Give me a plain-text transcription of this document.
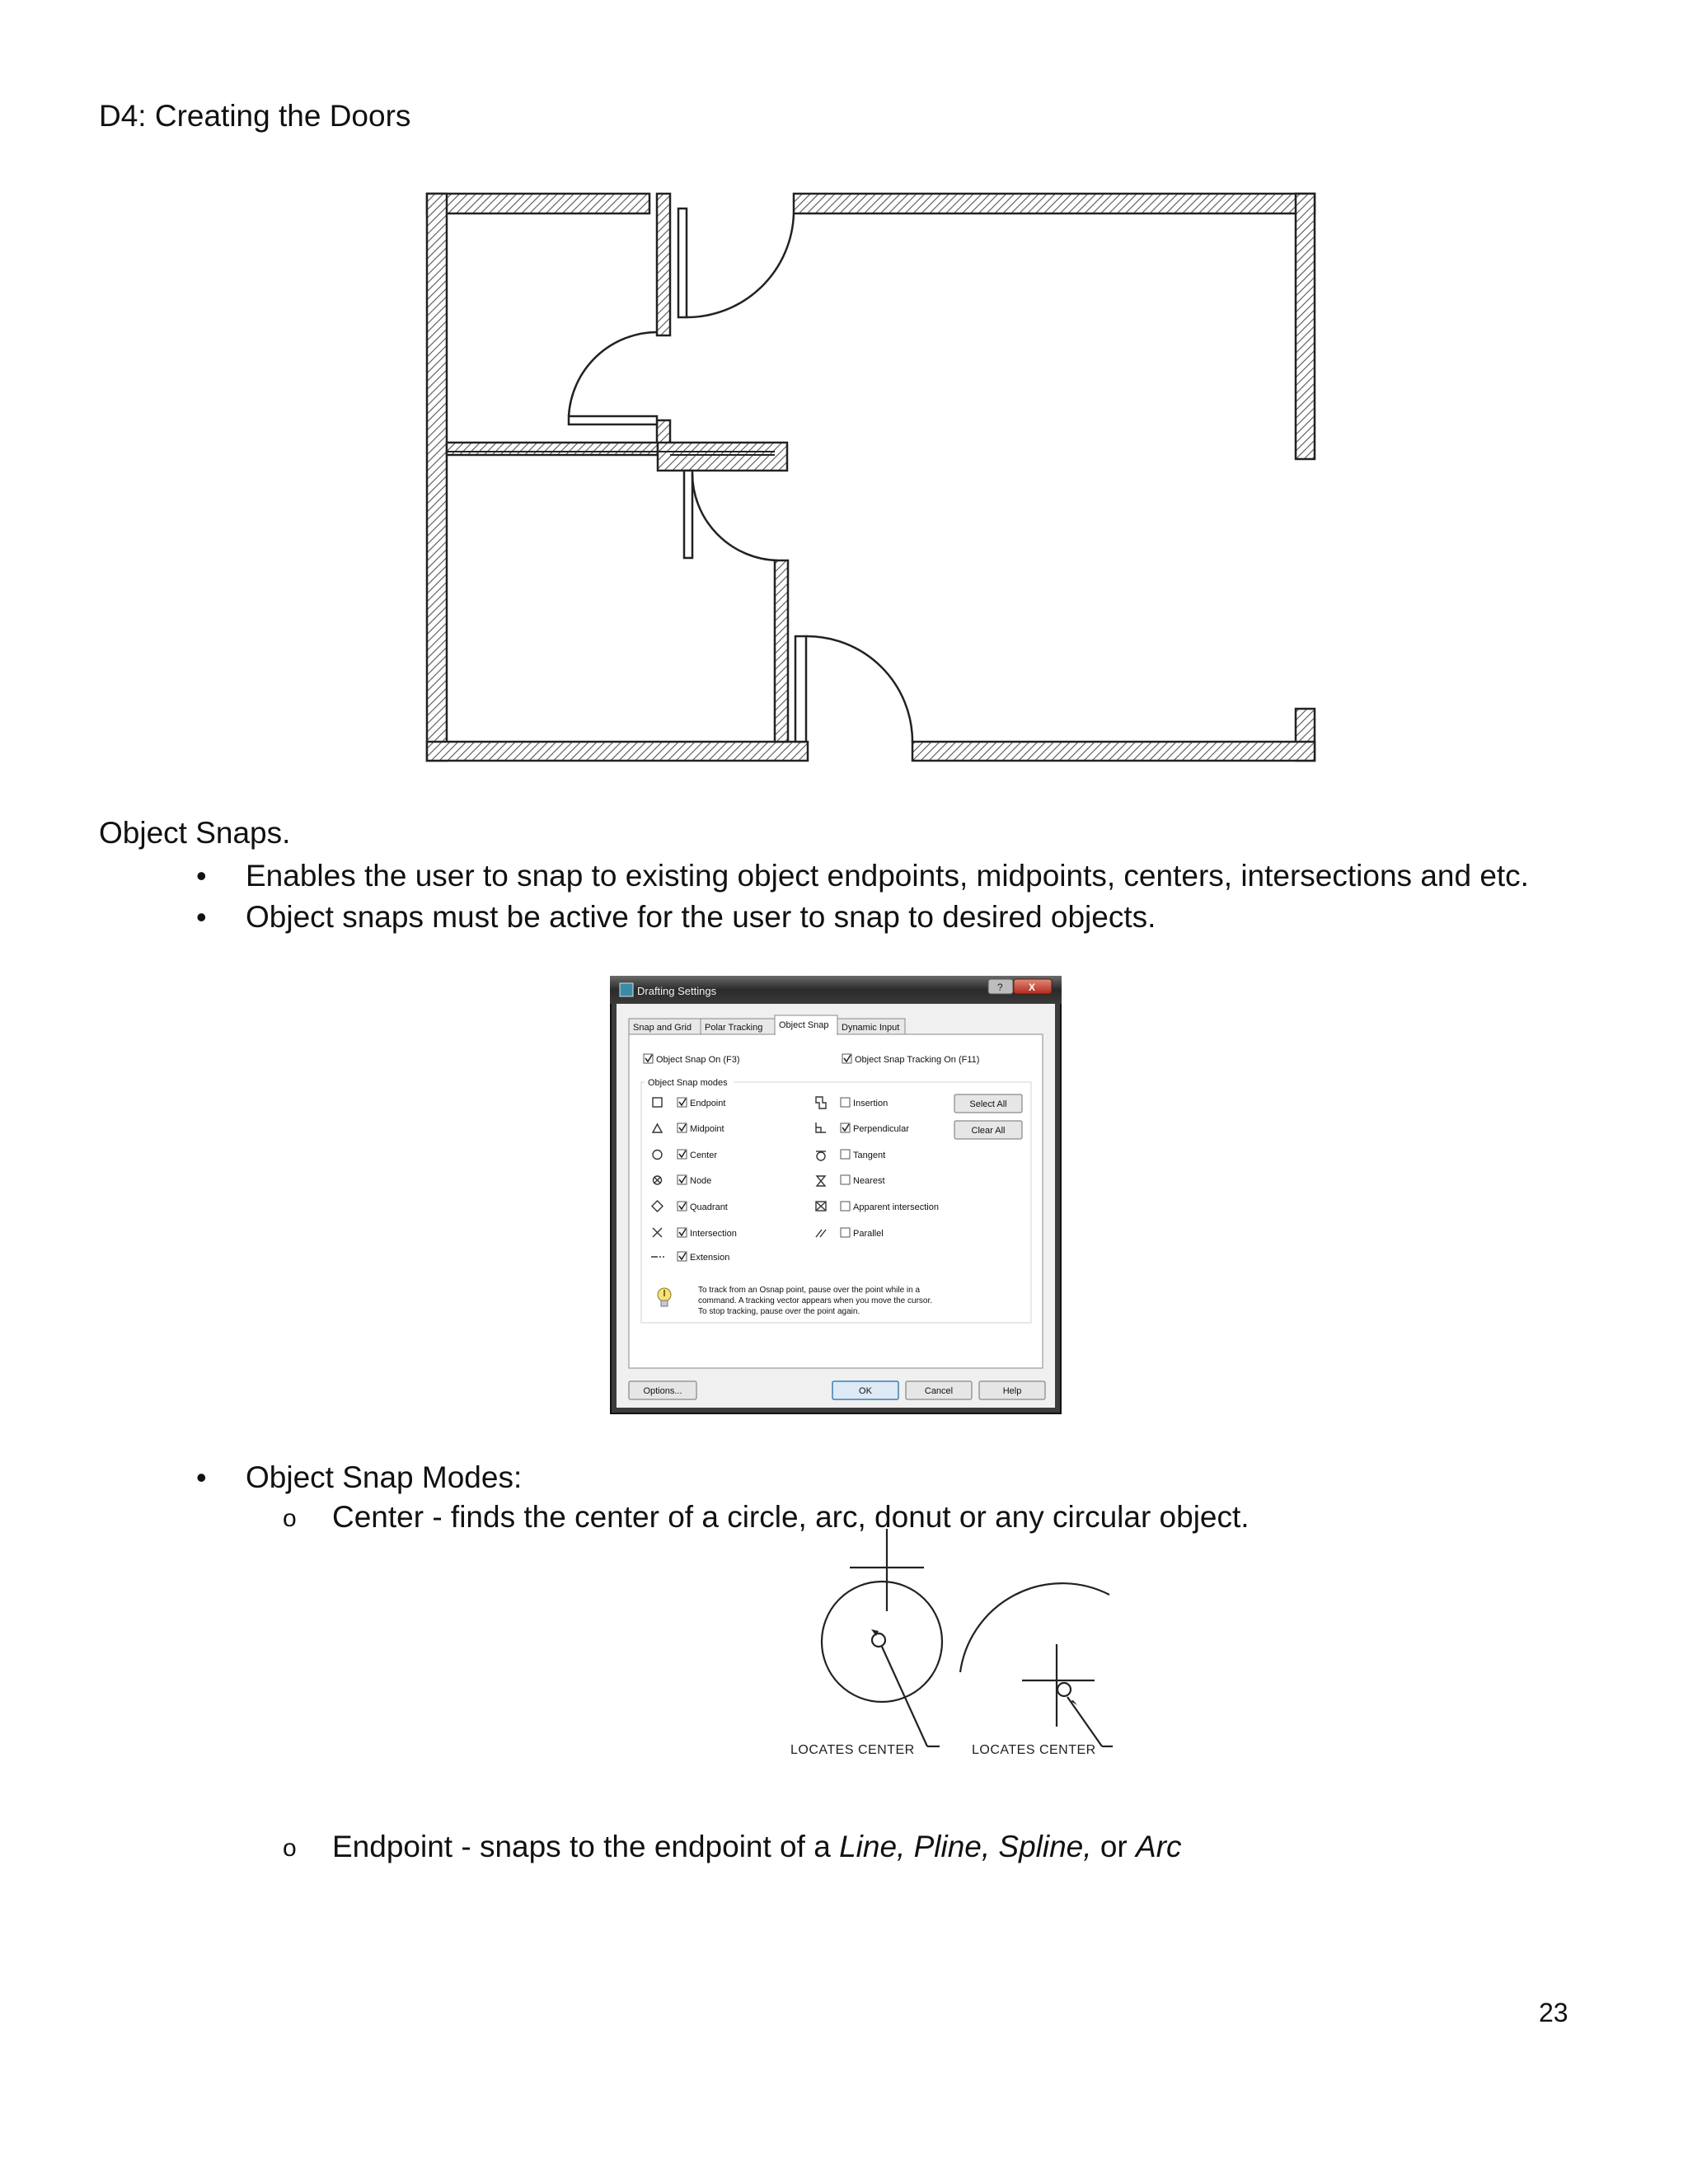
D4: Creating the Doors
Object Snaps.
• Enables the user to snap to existing object endpoints, midpoints, centers, intersections and etc.
• Object snaps must be active for the user to snap to desired objects.
Drafting Settings	?	X
Snap and Grid Polar Tracking Object Snap Dynamic Input
Object Snap On (F3)	Object Snap Tracking On (F11)
Object Snap modes
Endpoint
Midpoint
Center
Node
Quadrant
Intersection
Extension
Insertion
Perpendicular
Tangent
Nearest
Apparent intersection
Parallel
Select All
Clear All
To track from an Osnap point, pause over the point while in a
command. A tracking vector appears when you move the cursor.
To stop tracking, pause over the point again.
Options...	OK	Cancel	Help
• Object Snap Modes:
o Center - finds the center of a circle, arc, donut or any circular object.
LOCATES CENTER	LOCATES CENTER
o Endpoint - snaps to the endpoint of a Line, Pline, Spline, or Arc
23
